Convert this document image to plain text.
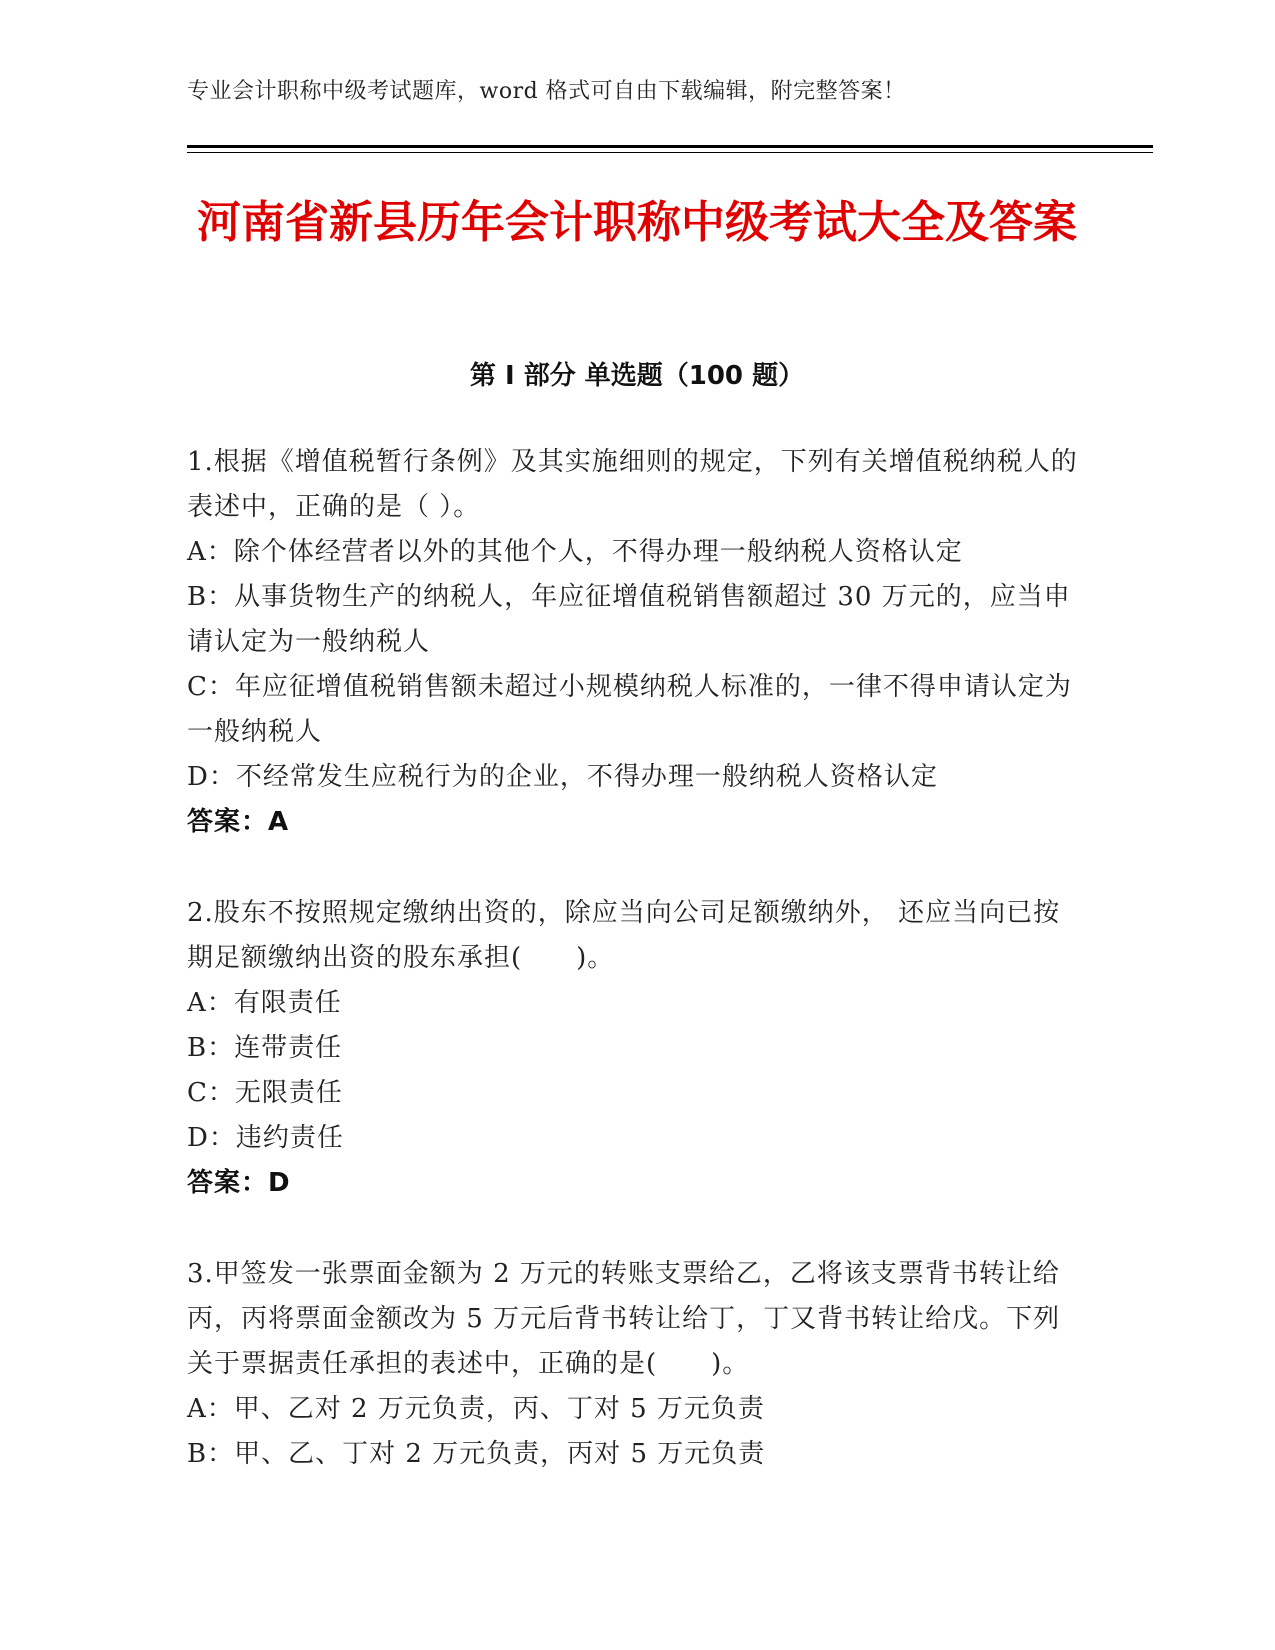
专业会计职称中级考试题库，word 格式可自由下载编辑，附完整答案！
河南省新县历年会计职称中级考试大全及答案
第 I 部分 单选题（100 题）

1.根据《增值税暂行条例》及其实施细则的规定，下列有关增值税纳税人的表述中，正确的是（ ）。

A：除个体经营者以外的其他个人，不得办理一般纳税人资格认定

B：从事货物生产的纳税人，年应征增值税销售额超过 30 万元的，应当申请认定为一般纳税人

C：年应征增值税销售额未超过小规模纳税人标准的，一律不得申请认定为一般纳税人

D：不经常发生应税行为的企业，不得办理一般纳税人资格认定

答案：A

2.股东不按照规定缴纳出资的，除应当向公司足额缴纳外， 还应当向已按期足额缴纳出资的股东承担(　　)。

A：有限责任

B：连带责任

C：无限责任

D：违约责任

答案：D

3.甲签发一张票面金额为 2 万元的转账支票给乙，乙将该支票背书转让给丙，丙将票面金额改为 5 万元后背书转让给丁，丁又背书转让给戊。下列关于票据责任承担的表述中，正确的是(　　)。

A：甲、乙对 2 万元负责，丙、丁对 5 万元负责

B：甲、乙、丁对 2 万元负责，丙对 5 万元负责
